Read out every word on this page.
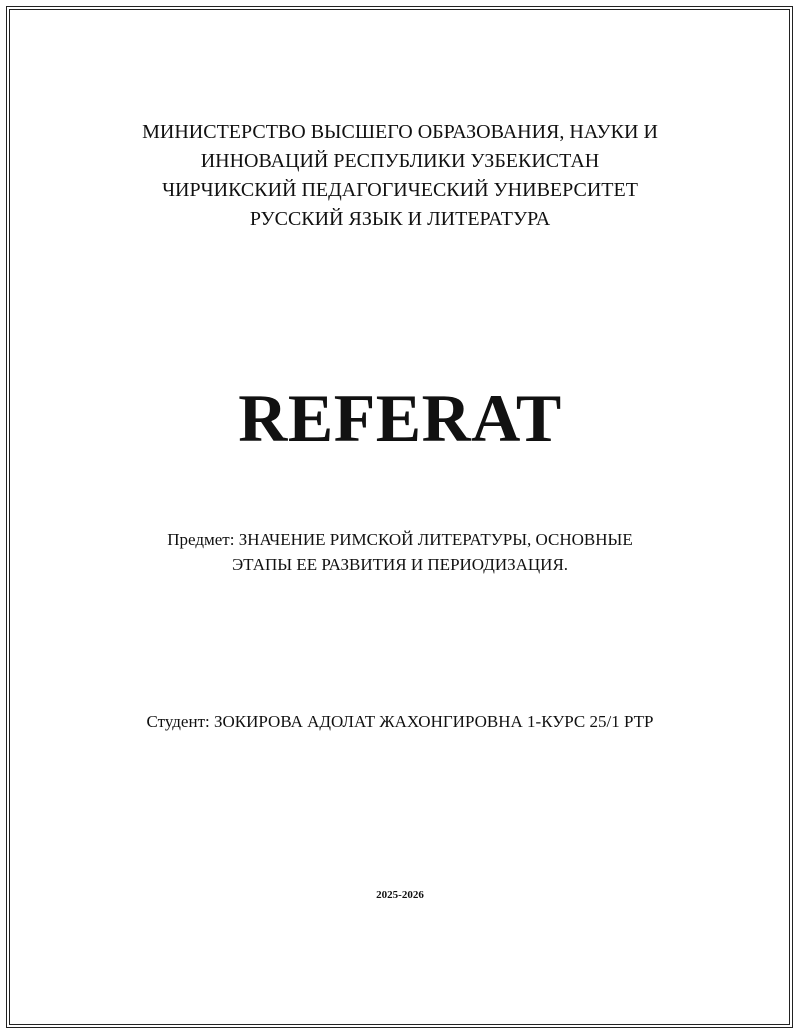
МИНИСТЕРСТВО ВЫСШЕГО ОБРАЗОВАНИЯ, НАУКИ И
ИННОВАЦИЙ РЕСПУБЛИКИ УЗБЕКИСТАН
ЧИРЧИКСКИЙ ПЕДАГОГИЧЕСКИЙ УНИВЕРСИТЕТ
РУССКИЙ ЯЗЫК И ЛИТЕРАТУРА
REFERAT
Предмет: ЗНАЧЕНИЕ РИМСКОЙ ЛИТЕРАТУРЫ, ОСНОВНЫЕ
ЭТАПЫ ЕЕ РАЗВИТИЯ И ПЕРИОДИЗАЦИЯ.
Студент: ЗОКИРОВА АДОЛАТ ЖАХОНГИРОВНА 1-КУРС 25/1 РТР
2025-2026
